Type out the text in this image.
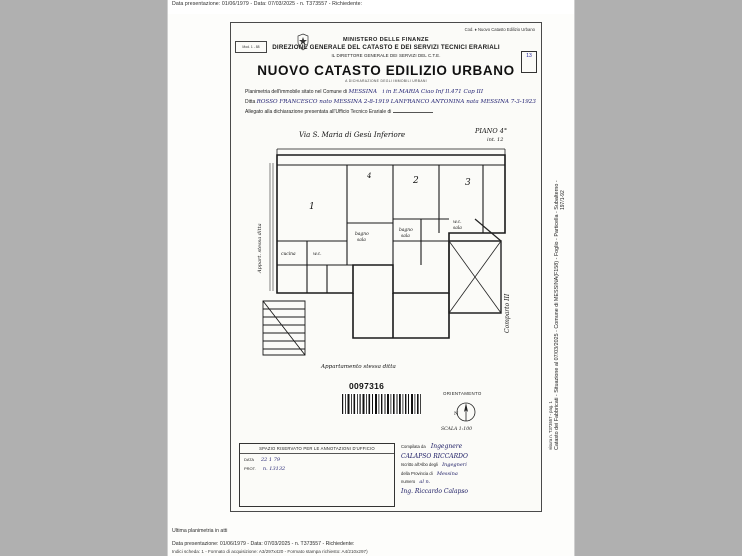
Data presentazione: 01/06/1979 - Data: 07/03/2025 - n. T373557 - Richiedente:
Ultima planimetria in atti
Data presentazione: 01/06/1979 - Data: 07/03/2025 - n. T373557 - Richiedente:
Indici scheda: 1 - Formato di acquisizione: A3/297x420 - Formato stampa richiesto: A4/210x297)
Catasto dei Fabbricati - Situazione al 07/03/2025 - Comune di MESSINA(F158) - Foglio - Particella - Subalterno -
visura n. T373557 - pag. 1
197/1-92
Mod. 1 - 88
Cod. ♦ Nuovo Catasto Edilizio Urbano
13
MINISTERO DELLE FINANZE
DIREZIONE GENERALE DEL CATASTO E DEI SERVIZI TECNICI ERARIALI
IL DIRETTORE GENERALE DEI SERVIZI DEL C.T.E.
NUOVO CATASTO EDILIZIO URBANO
A DICHIARAZIONE DEGLI IMMOBILI URBANI
Planimetria dell'immobile sitato nel Comune di MESSINA i in E.MARIA Ciao Inf Il.471 Cap III
Ditta ROSSO FRANCESCO nato MESSINA 2-8-1919 LANFRANCO ANTONINA nata MESSINA 7-3-1923
Allegato alla dichiarazione presentata all'Ufficio Tecnico Erariale di
1
2	3
4
cucina	w.c.
bagno
sala
bagno
sala
w.c.
sala
Via S. Maria di Gesù Inferiore	PIANO 4°
int. 12
Appart. stessa ditta
Comparto III
Appartamento stessa ditta
0097316
ORIENTAMENTO
N
SCALA 1:100
SPAZIO RISERVATO PER LE ANNOTAZIONI D'UFFICIO
DATA 22 1 79
PROT. n. 13132
Compilata da Ingegnere
CALAPSO RICCARDO
Iscritto all'Albo degli Ingegneri
della Provincia di Messina
numero al n.
Ing. Riccardo Calapso
